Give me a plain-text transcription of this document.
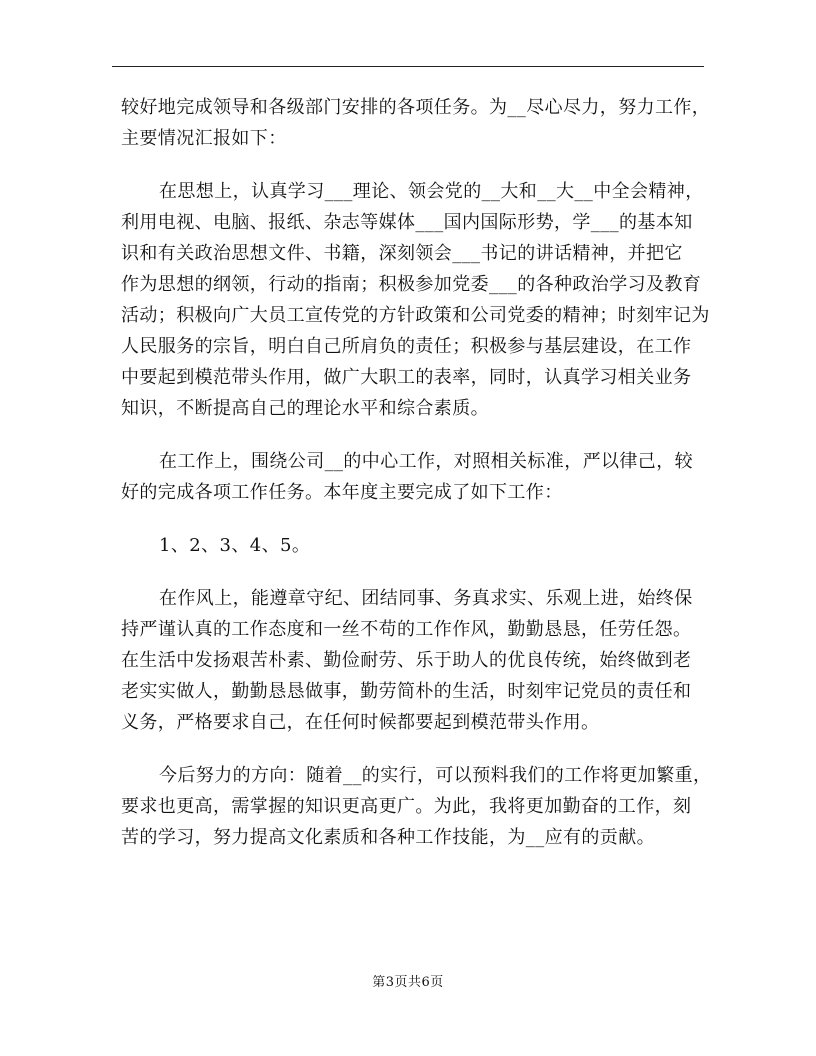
较好地完成领导和各级部门安排的各项任务。为__尽心尽力，努力工作，
主要情况汇报如下：

在思想上，认真学习___理论、领会党的__大和__大__中全会精神，
利用电视、电脑、报纸、杂志等媒体___国内国际形势，学___的基本知
识和有关政治思想文件、书籍，深刻领会___书记的讲话精神，并把它
作为思想的纲领，行动的指南；积极参加党委___的各种政治学习及教育
活动；积极向广大员工宣传党的方针政策和公司党委的精神；时刻牢记为
人民服务的宗旨，明白自己所肩负的责任；积极参与基层建设，在工作
中要起到模范带头作用，做广大职工的表率，同时，认真学习相关业务
知识，不断提高自己的理论水平和综合素质。

在工作上，围绕公司__的中心工作，对照相关标准，严以律己，较
好的完成各项工作任务。本年度主要完成了如下工作：

1、2、3、4、5。

在作风上，能遵章守纪、团结同事、务真求实、乐观上进，始终保
持严谨认真的工作态度和一丝不苟的工作作风，勤勤恳恳，任劳任怨。
在生活中发扬艰苦朴素、勤俭耐劳、乐于助人的优良传统，始终做到老
老实实做人，勤勤恳恳做事，勤劳简朴的生活，时刻牢记党员的责任和
义务，严格要求自己，在任何时候都要起到模范带头作用。

今后努力的方向：随着__的实行，可以预料我们的工作将更加繁重，
要求也更高，需掌握的知识更高更广。为此，我将更加勤奋的工作，刻
苦的学习，努力提高文化素质和各种工作技能，为__应有的贡献。

第3页共6页
